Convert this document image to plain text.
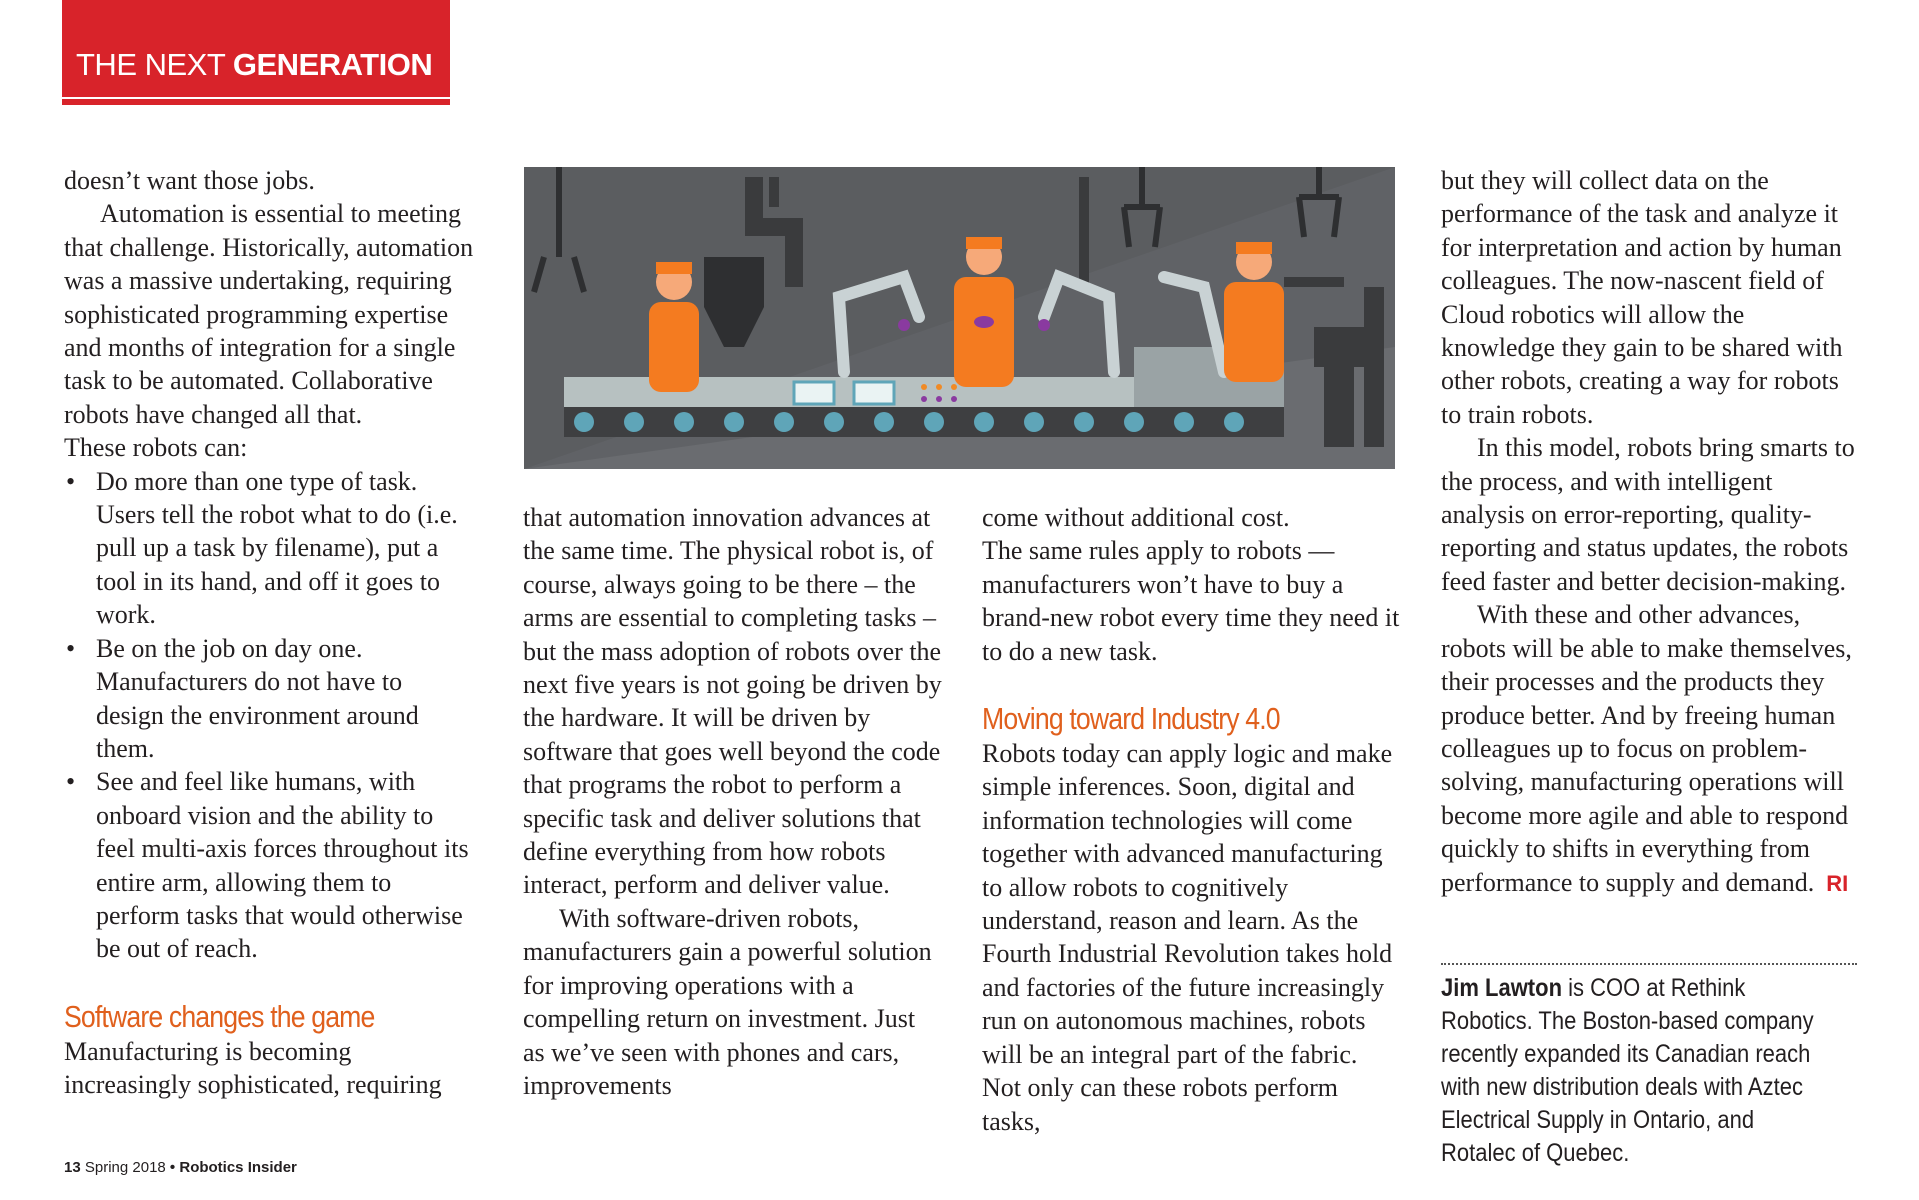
THE NEXT GENERATION

doesn’t want those jobs.

Automation is essential to meeting that challenge. Historically, automation was a massive undertaking, requiring sophisticated programming expertise and months of integration for a single task to be automated. Collaborative robots have changed all that.

These robots can:

• Do more than one type of task. Users tell the robot what to do (i.e. pull up a task by filename), put a tool in its hand, and off it goes to work.
• Be on the job on day one. Manufacturers do not have to design the environment around them.
• See and feel like humans, with onboard vision and the ability to feel multi-axis forces throughout its entire arm, allowing them to perform tasks that would otherwise be out of reach.
Software changes the game

Manufacturing is becoming increasingly sophisticated, requiring

that automation innovation advances at the same time. The physical robot is, of course, always going to be there – the arms are essential to completing tasks – but the mass adoption of robots over the next five years is not going be driven by the hardware. It will be driven by software that goes well beyond the code that programs the robot to perform a specific task and deliver solutions that define everything from how robots interact, perform and deliver value.

With software-driven robots, manufacturers gain a powerful solution for improving operations with a compelling return on investment. Just as we’ve seen with phones and cars, improvements

come without additional cost.

The same rules apply to robots — manufacturers won’t have to buy a brand-new robot every time they need it to do a new task.

Moving toward Industry 4.0

Robots today can apply logic and make simple inferences. Soon, digital and information technologies will come together with advanced manufacturing to allow robots to cognitively understand, reason and learn. As the Fourth Industrial Revolution takes hold and factories of the future increasingly run on autonomous machines, robots will be an integral part of the fabric. Not only can these robots perform tasks,

but they will collect data on the performance of the task and analyze it for interpretation and action by human colleagues. The now-nascent field of Cloud robotics will allow the knowledge they gain to be shared with other robots, creating a way for robots to train robots.

In this model, robots bring smarts to the process, and with intelligent analysis on error-reporting, quality-reporting and status updates, the robots feed faster and better decision-making.

With these and other advances, robots will be able to make themselves, their processes and the products they produce better. And by freeing human colleagues up to focus on problem-solving, manufacturing operations will become more agile and able to respond quickly to shifts in everything from performance to supply and demand. RI

Jim Lawton is COO at Rethink Robotics. The Boston-based company recently expanded its Canadian reach with new distribution deals with Aztec Electrical Supply in Ontario, and Rotalec of Quebec.
13 Spring 2018 • Robotics Insider
